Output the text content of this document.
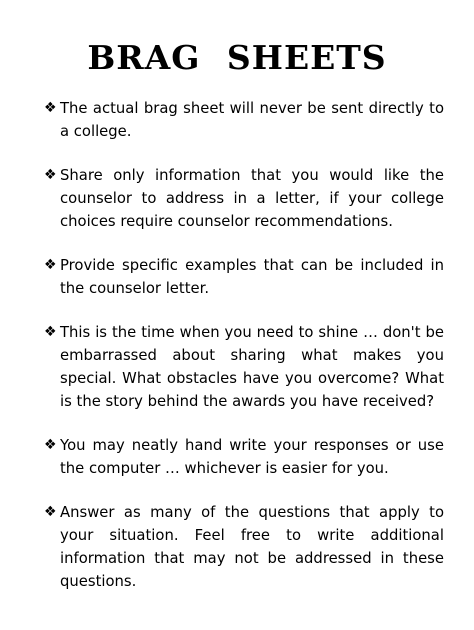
BRAG SHEETS
❖ The actual brag sheet will never be sent directly to a college.
❖ Share only information that you would like the counselor to address in a letter, if your college choices require counselor recommendations.
❖ Provide specific examples that can be included in the counselor letter.
❖ This is the time when you need to shine … don't be embarrassed about sharing what makes you special. What obstacles have you overcome? What is the story behind the awards you have received?
❖ You may neatly hand write your responses or use the computer … whichever is easier for you.
❖ Answer as many of the questions that apply to your situation. Feel free to write additional information that may not be addressed in these questions.
